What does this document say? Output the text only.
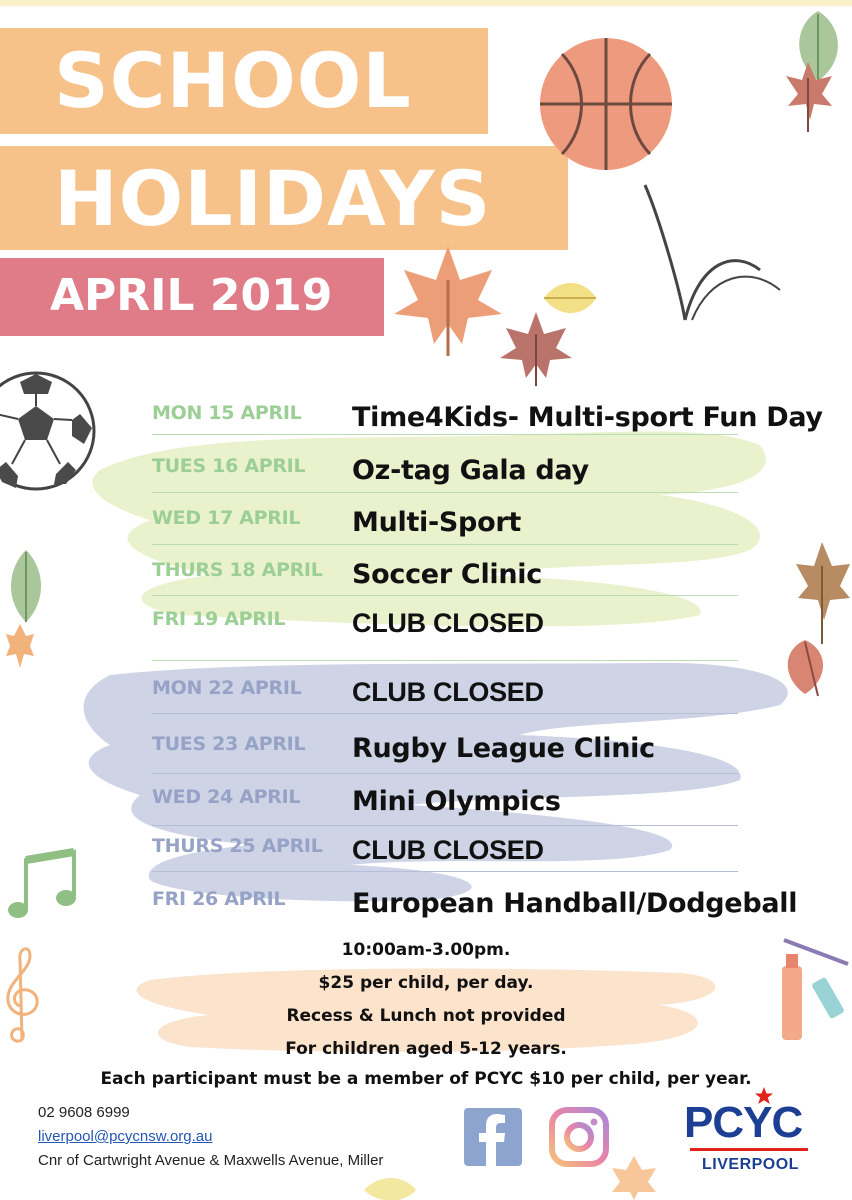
SCHOOL
HOLIDAYS
APRIL 2019
MON 15 APRIL Time4Kids- Multi-sport Fun Day
TUES 16 APRIL Oz-tag Gala day
WED 17 APRIL Multi-Sport
THURS 18 APRIL Soccer Clinic
FRI 19 APRIL CLUB CLOSED
MON 22 APRIL CLUB CLOSED
TUES 23 APRIL Rugby League Clinic
WED 24 APRIL Mini Olympics
THURS 25 APRIL CLUB CLOSED
FRI 26 APRIL European Handball/Dodgeball
10:00am-3.00pm.
$25 per child, per day.
Recess & Lunch not provided
For children aged 5-12 years.
Each participant must be a member of PCYC $10 per child, per year.
02 9608 6999
liverpool@pcycnsw.org.au
Cnr of Cartwright Avenue & Maxwells Avenue, Miller
PCYC
LIVERPOOL
